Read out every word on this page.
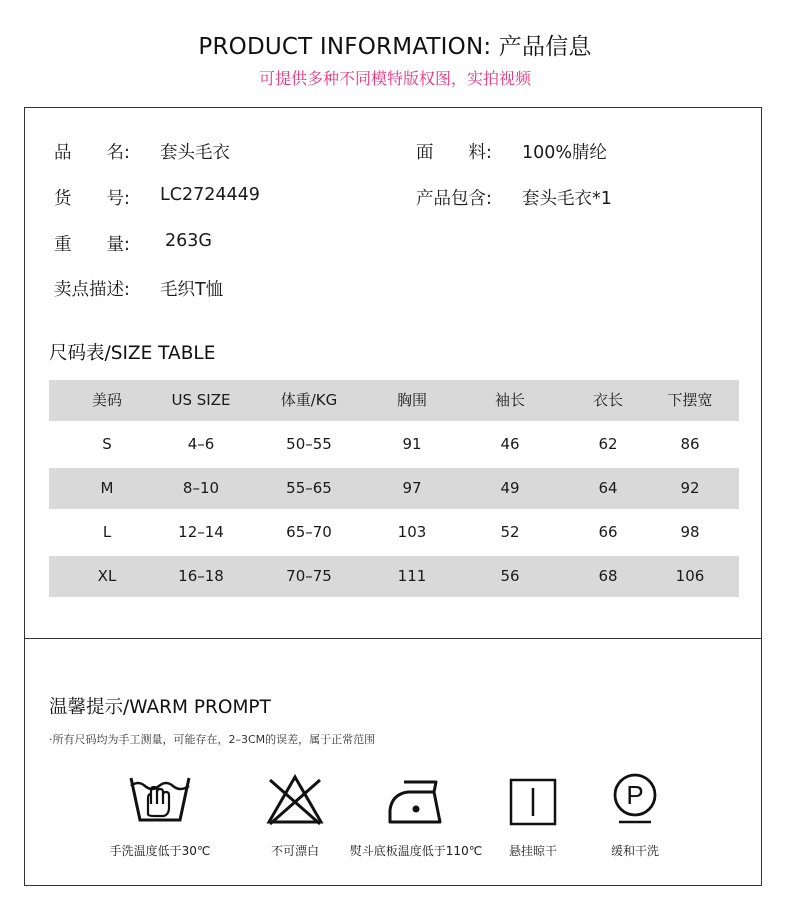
PRODUCT INFORMATION: 产品信息
可提供多种不同模特版权图，实拍视频
品　　名: 套头毛衣	面　　料: 100%腈纶
货　　号: LC2724449	产品包含: 套头毛衣*1
重　　量: 263G
卖点描述: 毛织T恤
尺码表/SIZE TABLE
美码	US SIZE	体重/KG	胸围	袖长	衣长	下摆宽
S	4–6	50–55	91	46	62	86
M	8–10	55–65	97	49	64	92
L	12–14	65–70	103	52	66	98
XL	16–18	70–75	111	56	68	106
温馨提示/WARM PROMPT
·所有尺码均为手工测量，可能存在，2–3CM的误差，属于正常范围
P
手洗温度低于30℃	不可漂白	熨斗底板温度低于110℃	悬挂晾干	缓和干洗
